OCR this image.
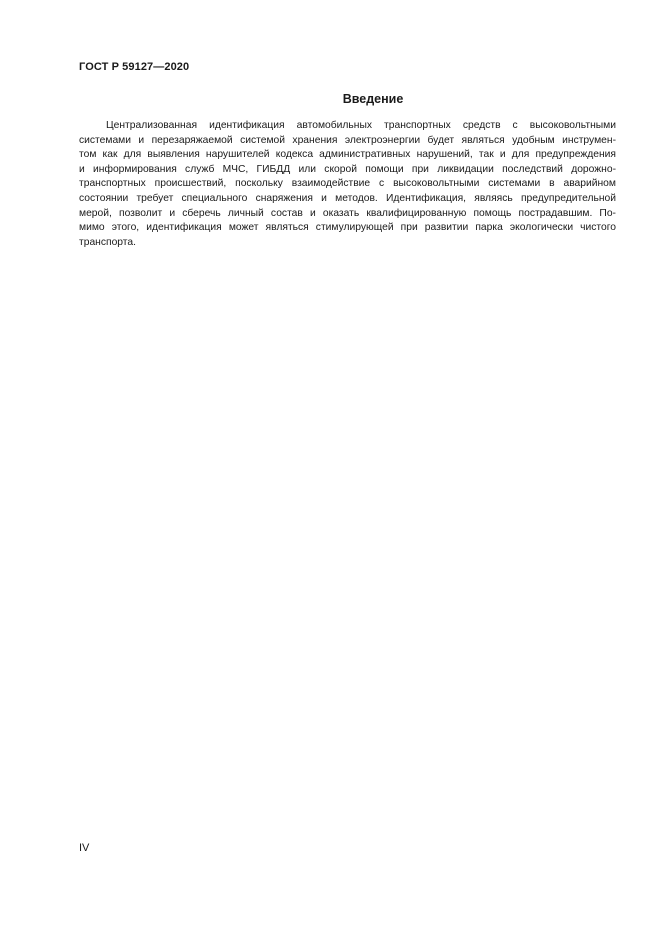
ГОСТ Р 59127—2020

Введение
Централизованная идентификация автомобильных транспортных средств с высоковольтными
системами и перезаряжаемой системой хранения электроэнергии будет являться удобным инструмен-
том как для выявления нарушителей кодекса административных нарушений, так и для предупреждения
и информирования служб МЧС, ГИБДД или скорой помощи при ликвидации последствий дорожно-
транспортных происшествий, поскольку взаимодействие с высоковольтными системами в аварийном
состоянии требует специального снаряжения и методов. Идентификация, являясь предупредительной
мерой, позволит и сберечь личный состав и оказать квалифицированную помощь пострадавшим. По-
мимо этого, идентификация может являться стимулирующей при развитии парка экологически чистого
транспорта.

IV
